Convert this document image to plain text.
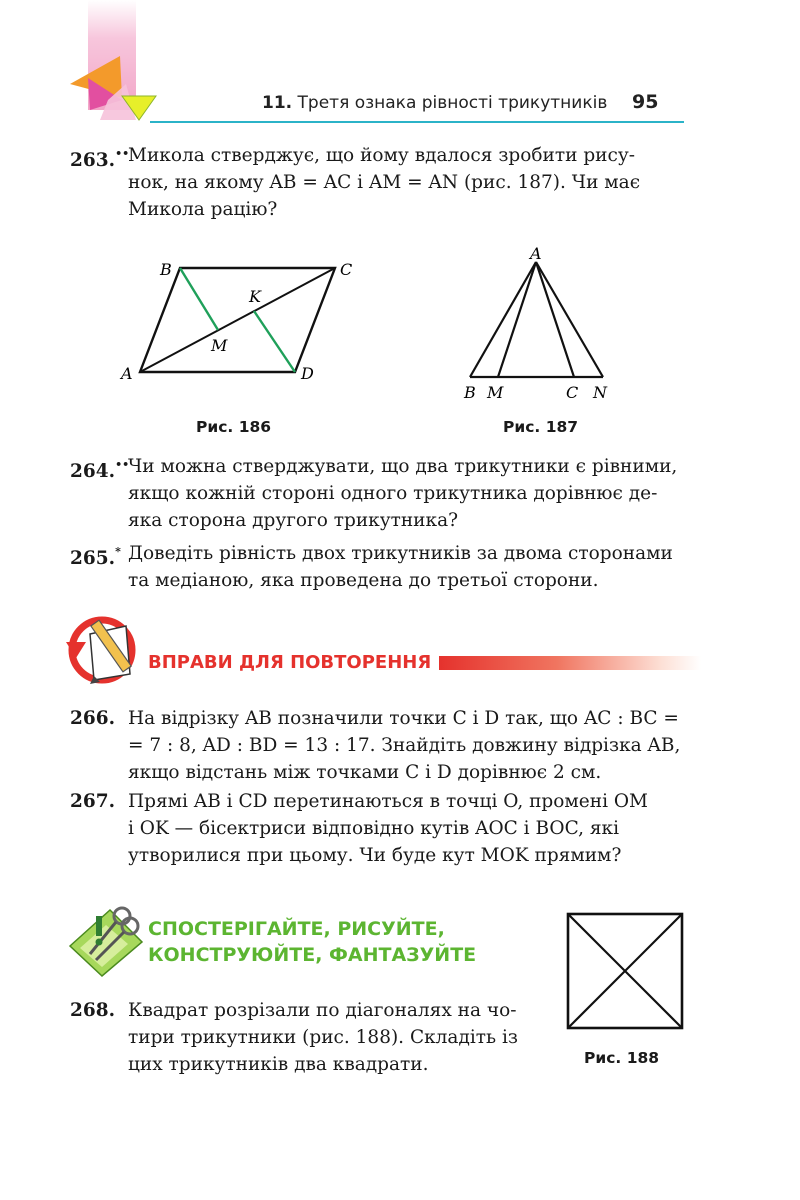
11. Третя ознака рівності трикутників 95
263.••
Микола стверджує, що йому вдалося зробити рису-
нок, на якому AB = AC і AM = AN (рис. 187). Чи має
Микола рацію?
B	C
A	D
K
M
Рис. 186
A
B M	C N
Рис. 187
264.••
Чи можна стверджувати, що два трикутники є рівними,
якщо кожній стороні одного трикутника дорівнює де-
яка сторона другого трикутника?
265.* Доведіть рівність двох трикутників за двома сторонами
та медіаною, яка проведена до третьої сторони.
ВПРАВИ ДЛЯ ПОВТОРЕННЯ
266. На відрізку AB позначили точки C і D так, що AC : BC =
= 7 : 8, AD : BD = 13 : 17. Знайдіть довжину відрізка AB,
якщо відстань між точками C і D дорівнює 2 см.
267. Прямі AB і CD перетинаються в точці O, промені OM
і OK — бісектриси відповідно кутів AOC і BOC, які
утворилися при цьому. Чи буде кут MOK прямим?
СПОСТЕРІГАЙТЕ, РИСУЙТЕ,
КОНСТРУЮЙТЕ, ФАНТАЗУЙТЕ
Рис. 188
268. Квадрат розрізали по діагоналях на чо-
тири трикутники (рис. 188). Складіть із
цих трикутників два квадрати.
